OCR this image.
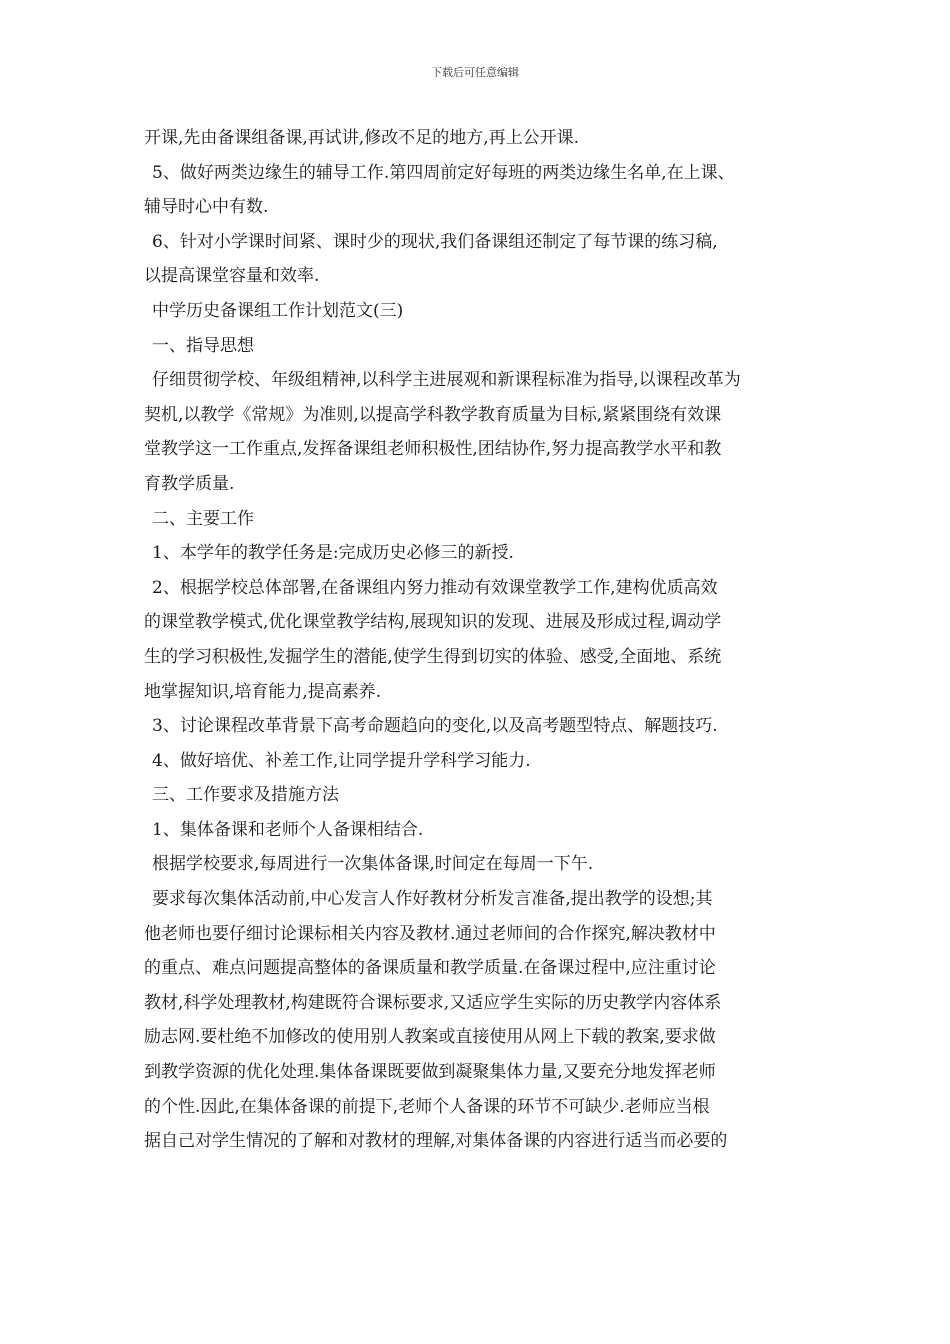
下载后可任意编辑
开课,先由备课组备课,再试讲,修改不足的地方,再上公开课.
5、做好两类边缘生的辅导工作.第四周前定好每班的两类边缘生名单,在上课、
辅导时心中有数.
6、针对小学课时间紧、课时少的现状,我们备课组还制定了每节课的练习稿,
以提高课堂容量和效率.
中学历史备课组工作计划范文(三)
一、指导思想
仔细贯彻学校、年级组精神,以科学主进展观和新课程标准为指导,以课程改革为
契机,以教学《常规》为准则,以提高学科教学教育质量为目标,紧紧围绕有效课
堂教学这一工作重点,发挥备课组老师积极性,团结协作,努力提高教学水平和教
育教学质量.
二、主要工作
1、本学年的教学任务是:完成历史必修三的新授.
2、根据学校总体部署,在备课组内努力推动有效课堂教学工作,建构优质高效
的课堂教学模式,优化课堂教学结构,展现知识的发现、进展及形成过程,调动学
生的学习积极性,发掘学生的潜能,使学生得到切实的体验、感受,全面地、系统
地掌握知识,培育能力,提高素养.
3、讨论课程改革背景下高考命题趋向的变化,以及高考题型特点、解题技巧.
4、做好培优、补差工作,让同学提升学科学习能力.
三、工作要求及措施方法
1、集体备课和老师个人备课相结合.
根据学校要求,每周进行一次集体备课,时间定在每周一下午.
要求每次集体活动前,中心发言人作好教材分析发言准备,提出教学的设想;其
他老师也要仔细讨论课标相关内容及教材.通过老师间的合作探究,解决教材中
的重点、难点问题提高整体的备课质量和教学质量.在备课过程中,应注重讨论
教材,科学处理教材,构建既符合课标要求,又适应学生实际的历史教学内容体系
励志网.要杜绝不加修改的使用别人教案或直接使用从网上下载的教案,要求做
到教学资源的优化处理.集体备课既要做到凝聚集体力量,又要充分地发挥老师
的个性.因此,在集体备课的前提下,老师个人备课的环节不可缺少.老师应当根
据自己对学生情况的了解和对教材的理解,对集体备课的内容进行适当而必要的
